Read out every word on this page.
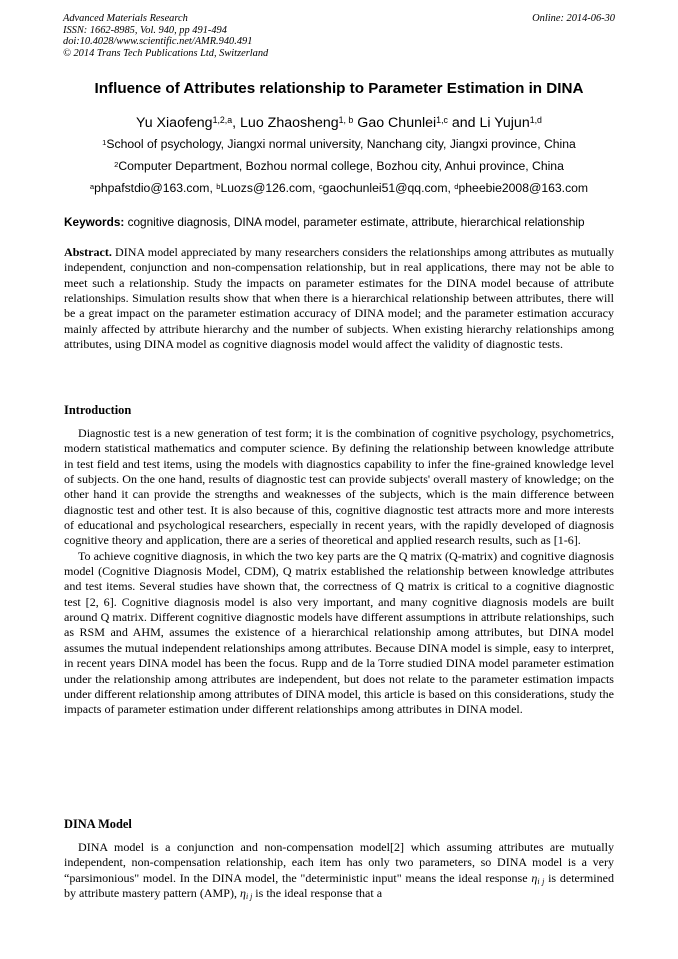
Advanced Materials Research
ISSN: 1662-8985, Vol. 940, pp 491-494
doi:10.4028/www.scientific.net/AMR.940.491
© 2014 Trans Tech Publications Ltd, Switzerland
Online: 2014-06-30
Influence of Attributes relationship to Parameter Estimation in DINA
Yu Xiaofeng$^{1,2,a}$, Luo Zhaosheng$^{1, b}$ Gao Chunlei$^{1,c}$ and Li Yujun$^{1,d}$
$^1$School of psychology, Jiangxi normal university, Nanchang city, Jiangxi province, China
$^2$Computer Department, Bozhou normal college, Bozhou city, Anhui province, China
$^a$phpafstdio@163.com, $^b$Luozs@126.com, $^c$gaochunlei51@qq.com, $^d$pheebie2008@163.com
Keywords: cognitive diagnosis, DINA model, parameter estimate, attribute, hierarchical relationship

Abstract. DINA model appreciated by many researchers considers the relationships among attributes as mutually independent, conjunction and non-compensation relationship, but in real applications, there may not be able to meet such a relationship. Study the impacts on parameter estimates for the DINA model because of attribute relationships. Simulation results show that when there is a hierarchical relationship between attributes, there will be a great impact on the parameter estimation accuracy of DINA model; and the parameter estimation accuracy mainly affected by attribute hierarchy and the number of subjects. When existing hierarchy relationships among attributes, using DINA model as cognitive diagnosis model would affect the validity of diagnostic tests.

Introduction

Diagnostic test is a new generation of test form; it is the combination of cognitive psychology, psychometrics, modern statistical mathematics and computer science. By defining the relationship between knowledge attribute in test field and test items, using the models with diagnostics capability to infer the fine-grained knowledge level of subjects. On the one hand, results of diagnostic test can provide subjects' overall mastery of knowledge; on the other hand it can provide the strengths and weaknesses of the subjects, which is the main difference between diagnostic test and other test. It is also because of this, cognitive diagnostic test attracts more and more interests of educational and psychological researchers, especially in recent years, with the rapidly developed of diagnosis cognitive theory and application, there are a series of theoretical and applied research results, such as [1-6].

To achieve cognitive diagnosis, in which the two key parts are the Q matrix (Q-matrix) and cognitive diagnosis model (Cognitive Diagnosis Model, CDM), Q matrix established the relationship between knowledge attributes and test items. Several studies have shown that, the correctness of Q matrix is critical to a cognitive diagnostic test [2, 6]. Cognitive diagnosis model is also very important, and many cognitive diagnosis models are built around Q matrix. Different cognitive diagnostic models have different assumptions in attribute relationships, such as RSM and AHM, assumes the existence of a hierarchical relationship among attributes, but DINA model assumes the mutual independent relationships among attributes. Because DINA model is simple, easy to interpret, in recent years DINA model has been the focus. Rupp and de la Torre studied DINA model parameter estimation under the relationship among attributes are independent, but does not relate to the parameter estimation impacts under different relationship among attributes of DINA model, this article is based on this considerations, study the impacts of parameter estimation under different relationships among attributes in DINA model.

DINA Model

DINA model is a conjunction and non-compensation model[2] which assuming attributes are mutually independent, non-compensation relationship, each item has only two parameters, so DINA model is a very “parsimonious" model. In the DINA model, the "deterministic input" means the ideal response $\eta_{i j}$ is determined by attribute mastery pattern (AMP), $\eta_{i j}$ is the ideal response that a
